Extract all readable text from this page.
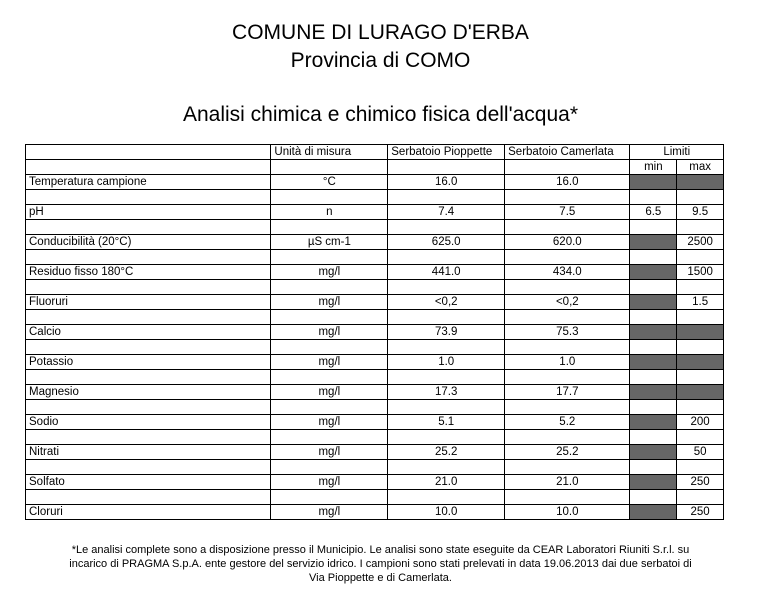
COMUNE DI LURAGO D'ERBA
Provincia di COMO
Analisi chimica e chimico fisica dell'acqua*
	Unità di misura	Serbatoio Pioppette	Serbatoio Camerlata	Limiti	
				min	max
Temperatura campione	°C	16.0	16.0		

pH	n	7.4	7.5	6.5	9.5

Conducibilità (20°C)	µS cm-1	625.0	620.0		2500

Residuo fisso 180°C	mg/l	441.0	434.0		1500

Fluoruri	mg/l	<0,2	<0,2		1.5

Calcio	mg/l	73.9	75.3		

Potassio	mg/l	1.0	1.0		

Magnesio	mg/l	17.3	17.7		

Sodio	mg/l	5.1	5.2		200

Nitrati	mg/l	25.2	25.2		50

Solfato	mg/l	21.0	21.0		250

Cloruri	mg/l	10.0	10.0		250
*Le analisi complete sono a disposizione presso il Municipio. Le analisi sono state eseguite da CEAR Laboratori Riuniti S.r.l. su
incarico di PRAGMA S.p.A. ente gestore del servizio idrico. I campioni sono stati prelevati in data 19.06.2013 dai due serbatoi di
Via Pioppette e di Camerlata.
